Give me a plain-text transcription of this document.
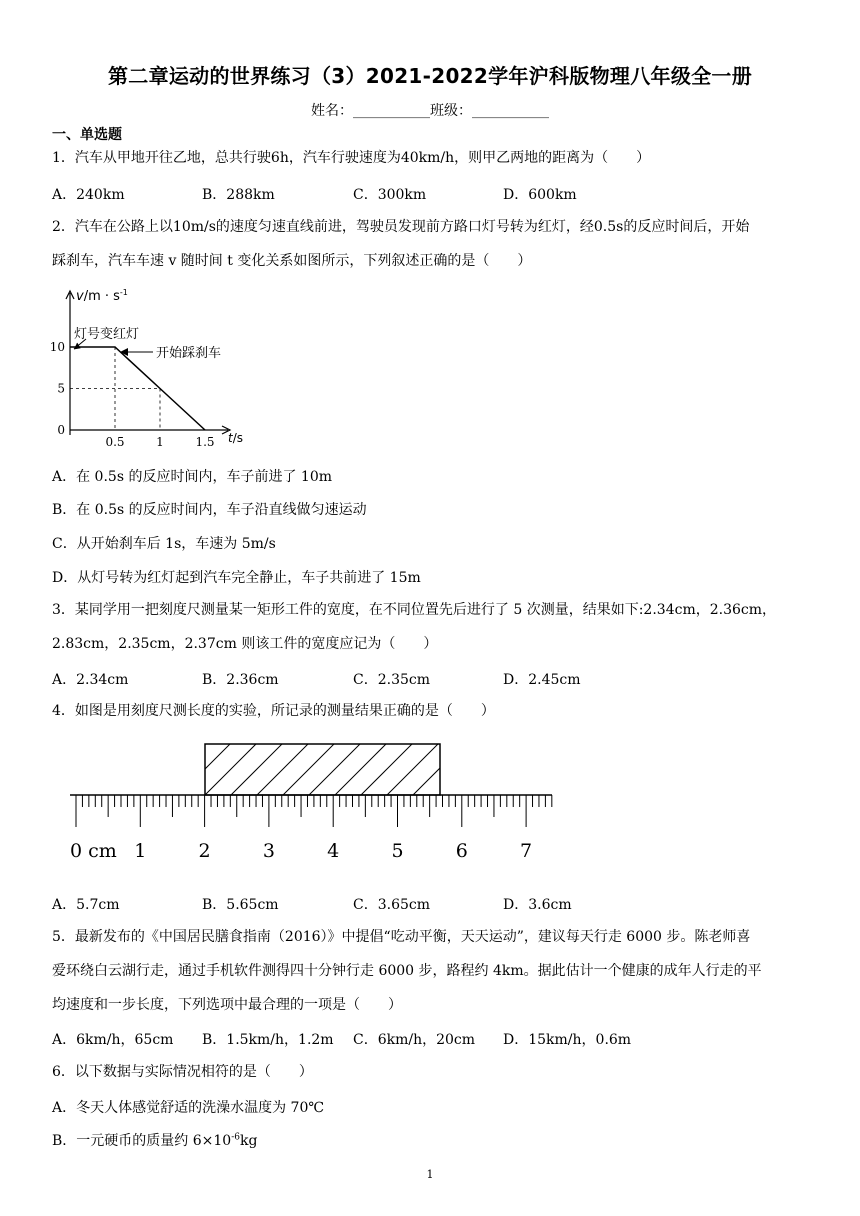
第二章运动的世界练习（3）2021-2022学年沪科版物理八年级全一册
姓名：___________班级：___________
一、单选题
1．汽车从甲地开往乙地，总共行驶6h，汽车行驶速度为40km/h，则甲乙两地的距离为（　　）
A．240km	B．288km	C．300km	D．600km
2．汽车在公路上以10m/s的速度匀速直线前进，驾驶员发现前方路口灯号转为红灯，经0.5s的反应时间后，开始
踩刹车，汽车车速 v 随时间 t 变化关系如图所示，下列叙述正确的是（　　）
0.5	1	1.5
0
5
10
$v/m \cdot s^{-1}$
t/s
灯号变红灯
开始踩刹车
A．在 0.5s 的反应时间内，车子前进了 10m
B．在 0.5s 的反应时间内，车子沿直线做匀速运动
C．从开始刹车后 1s，车速为 5m/s
D．从灯号转为红灯起到汽车完全静止，车子共前进了 15m
3．某同学用一把刻度尺测量某一矩形工件的宽度，在不同位置先后进行了 5 次测量，结果如下:2.34cm，2.36cm，
2.83cm，2.35cm，2.37cm 则该工件的宽度应记为（　　）
A．2.34cm	B．2.36cm	C．2.35cm	D．2.45cm
4．如图是用刻度尺测长度的实验，所记录的测量结果正确的是（　　）
0 cm 1	2	3	4	5	6	7
A．5.7cm	B．5.65cm	C．3.65cm	D．3.6cm
5．最新发布的《中国居民膳食指南（2016）》中提倡“吃动平衡，天天运动”，建议每天行走 6000 步。陈老师喜
爱环绕白云湖行走，通过手机软件测得四十分钟行走 6000 步，路程约 4km。据此估计一个健康的成年人行走的平
均速度和一步长度，下列选项中最合理的一项是（　　）
A．6km/h，65cm B．1.5km/h，1.2m C．6km/h，20cm D．15km/h，0.6m
6．以下数据与实际情况相符的是（　　）
A．冬天人体感觉舒适的洗澡水温度为 70℃
B．一元硬币的质量约 $6\times 10^{-6}kg$
1
